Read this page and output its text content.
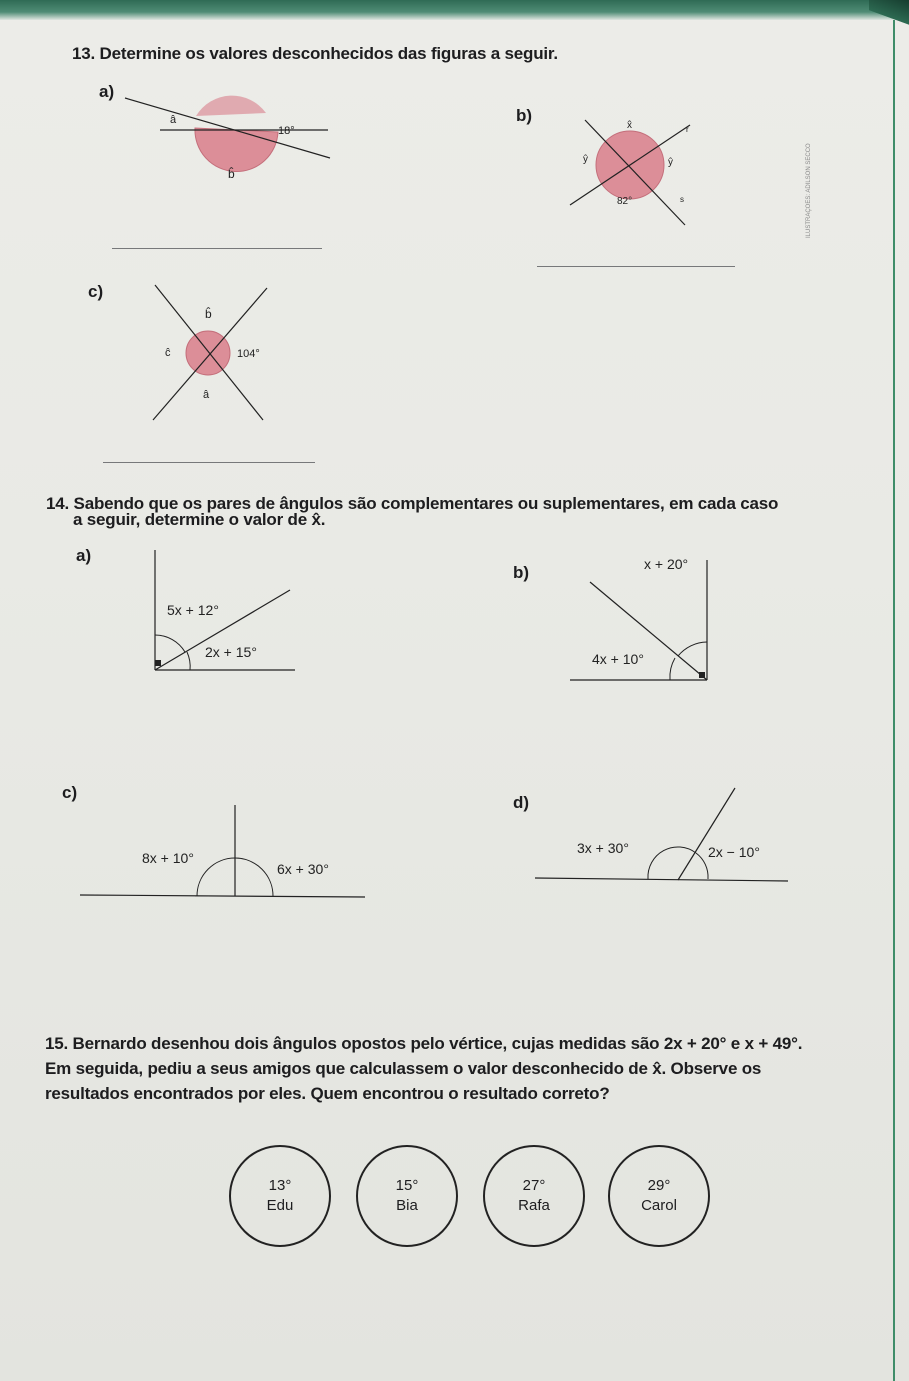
ILUSTRAÇÕES: ADILSON SECCO
13. Determine os valores desconhecidos das figuras a seguir.
a)
â
18°
b̂
b)
x̂	r
ŷ	ŷ
82°	s
c)
b̂
ĉ	104°
â
14. Sabendo que os pares de ângulos são complementares ou suplementares, em cada caso
a seguir, determine o valor de x̂.
a)
5x + 12°
2x + 15°
b)	x + 20°
4x + 10°
c)
8x + 10°
6x + 30°
d)
3x + 30°	2x − 10°
15. Bernardo desenhou dois ângulos opostos pelo vértice, cujas medidas são 2x + 20° e x + 49°.
Em seguida, pediu a seus amigos que calculassem o valor desconhecido de x̂. Observe os
resultados encontrados por eles. Quem encontrou o resultado correto?
13°
Edu
15°
Bia
27°
Rafa
29°
Carol
